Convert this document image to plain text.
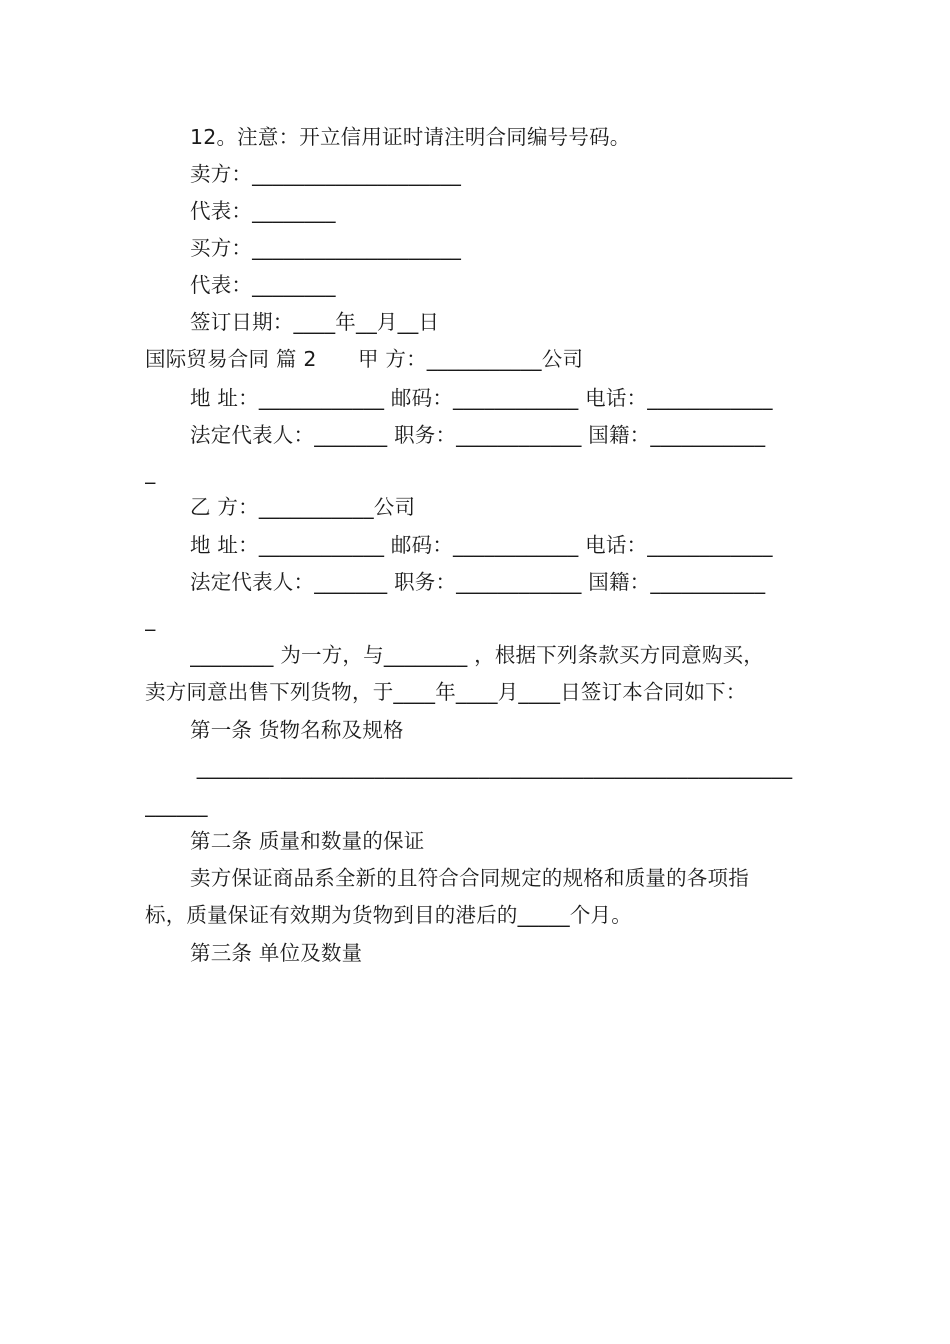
12。注意：开立信用证时请注明合同编号号码。
卖方：____________________
代表：________
买方：____________________
代表：________
签订日期：____年__月__日
国际贸易合同 篇 2　　甲 方：___________公司
地 址：____________ 邮码：____________ 电话：____________
法定代表人：_______ 职务：____________ 国籍：___________
_
乙 方：___________公司
地 址：____________ 邮码：____________ 电话：____________
法定代表人：_______ 职务：____________ 国籍：___________
_
________ 为一方，与________ ，根据下列条款买方同意购买，
卖方同意出售下列货物，于____年____月____日签订本合同如下：
第一条 货物名称及规格
_________________________________________________________
______
第二条 质量和数量的保证
卖方保证商品系全新的且符合合同规定的规格和质量的各项指
标，质量保证有效期为货物到目的港后的_____个月。
第三条 单位及数量
